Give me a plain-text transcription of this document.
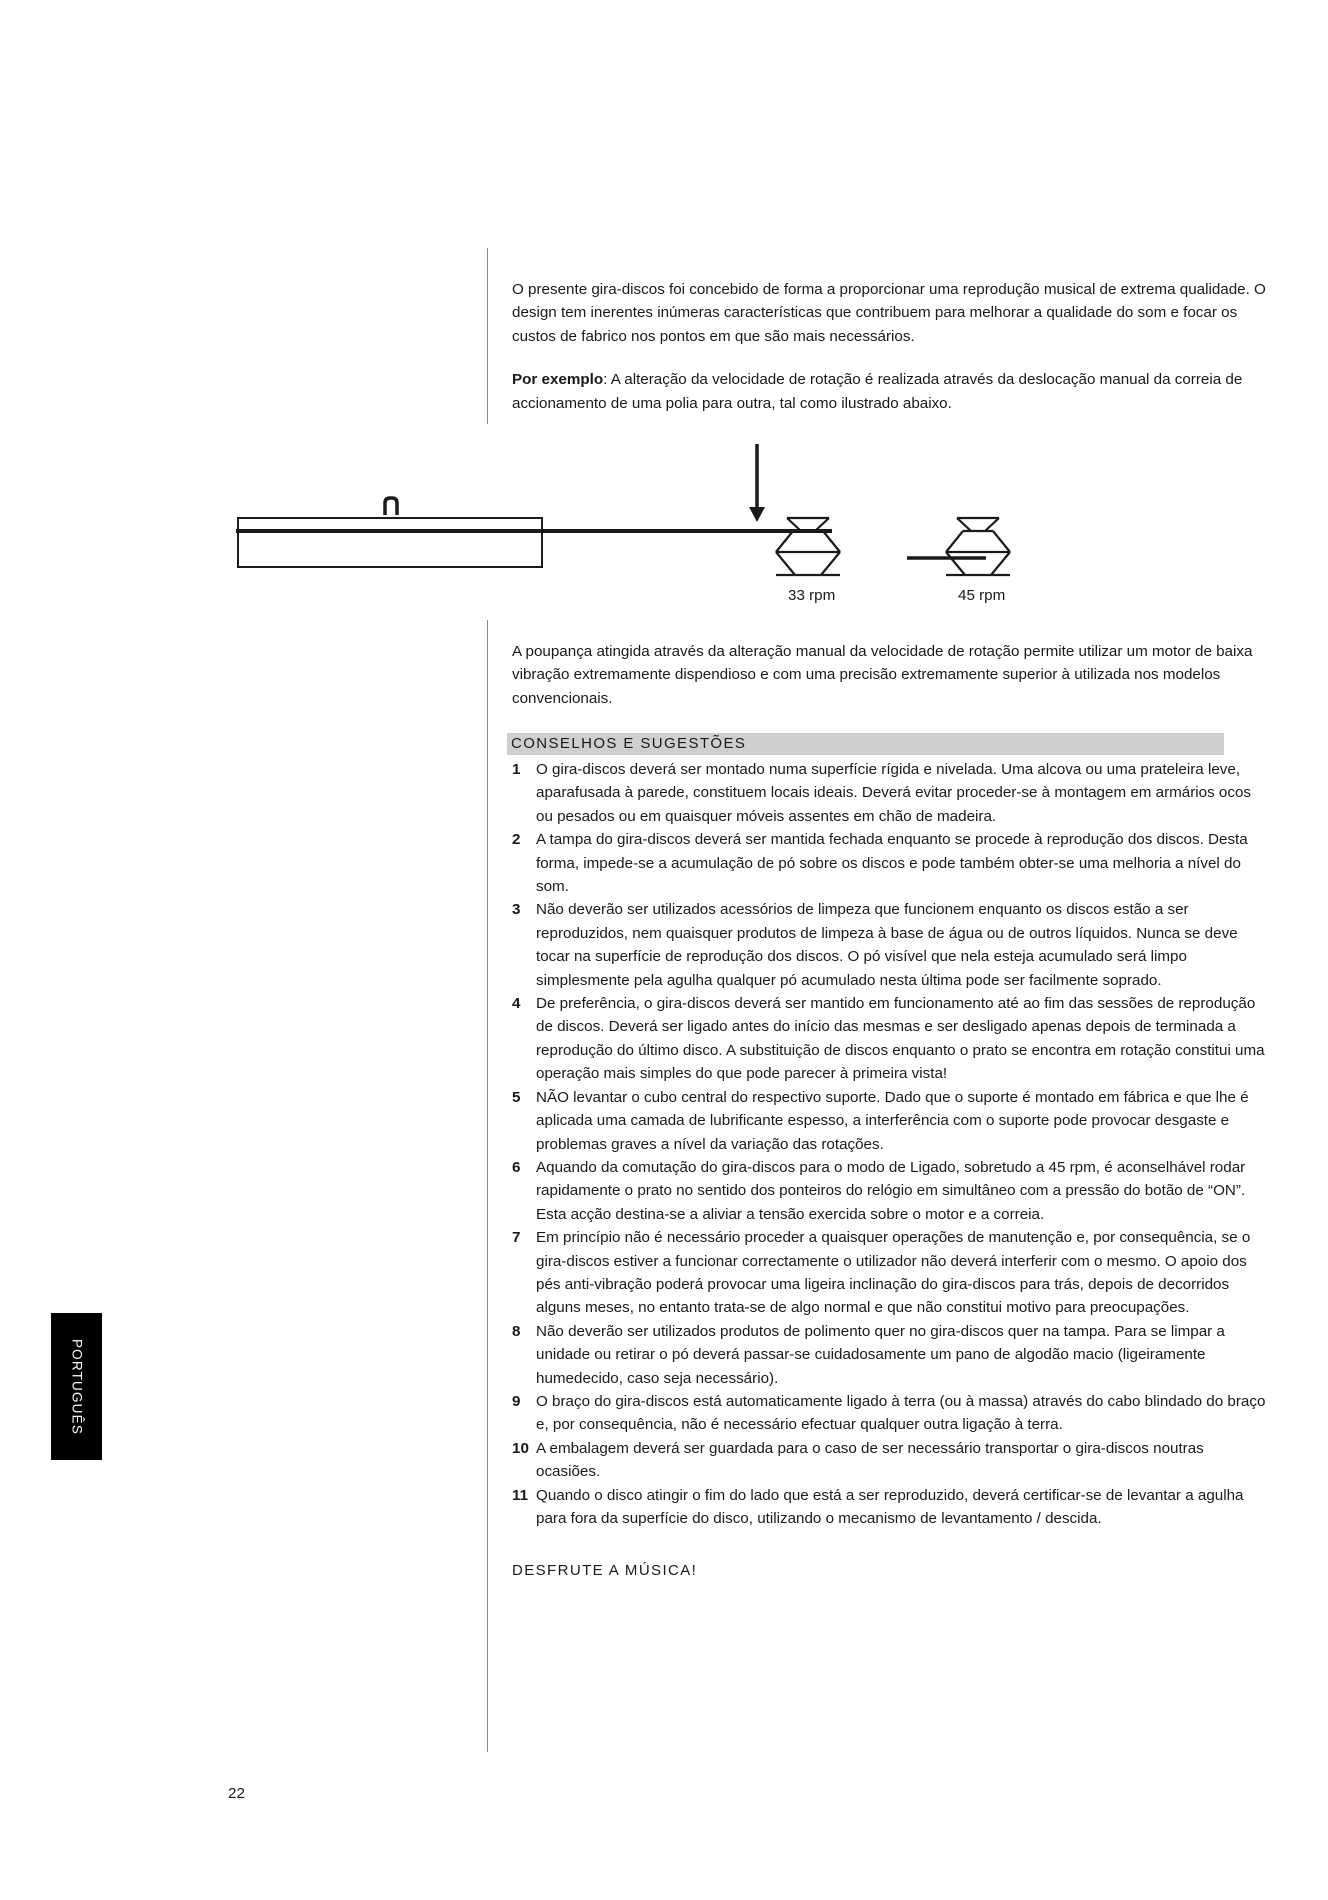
O presente gira-discos foi concebido de forma a proporcionar uma reprodução musical de extrema qualidade. O design tem inerentes inúmeras características que contribuem para melhorar a qualidade do som e focar os custos de fabrico nos pontos em que são mais necessários.

Por exemplo: A alteração da velocidade de rotação é realizada através da deslocação manual da correia de accionamento de uma polia para outra, tal como ilustrado abaixo.

33 rpm	45 rpm

A poupança atingida através da alteração manual da velocidade de rotação permite utilizar um motor de baixa vibração extremamente dispendioso e com uma precisão extremamente superior à utilizada nos modelos convencionais.

CONSELHOS E SUGESTÕES
1	O gira-discos deverá ser montado numa superfície rígida e nivelada. Uma alcova ou uma prateleira leve, aparafusada à parede, constituem locais ideais. Deverá evitar proceder-se à montagem em armários ocos ou pesados ou em quaisquer móveis assentes em chão de madeira.
2	A tampa do gira-discos deverá ser mantida fechada enquanto se procede à reprodução dos discos. Desta forma, impede-se a acumulação de pó sobre os discos e pode também obter-se uma melhoria a nível do som.
3	Não deverão ser utilizados acessórios de limpeza que funcionem enquanto os discos estão a ser reproduzidos, nem quaisquer produtos de limpeza à base de água ou de outros líquidos. Nunca se deve tocar na superfície de reprodução dos discos. O pó visível que nela esteja acumulado será limpo simplesmente pela agulha qualquer pó acumulado nesta última pode ser facilmente soprado.
4	De preferência, o gira-discos deverá ser mantido em funcionamento até ao fim das sessões de reprodução de discos. Deverá ser ligado antes do início das mesmas e ser desligado apenas depois de terminada a reprodução do último disco. A substituição de discos enquanto o prato se encontra em rotação constitui uma operação mais simples do que pode parecer à primeira vista!
5	NÃO levantar o cubo central do respectivo suporte. Dado que o suporte é montado em fábrica e que lhe é aplicada uma camada de lubrificante espesso, a interferência com o suporte pode provocar desgaste e problemas graves a nível da variação das rotações.
6	Aquando da comutação do gira-discos para o modo de Ligado, sobretudo a 45 rpm, é aconselhável rodar rapidamente o prato no sentido dos ponteiros do relógio em simultâneo com a pressão do botão de “ON”. Esta acção destina-se a aliviar a tensão exercida sobre o motor e a correia.
7	Em princípio não é necessário proceder a quaisquer operações de manutenção e, por consequência, se o gira-discos estiver a funcionar correctamente o utilizador não deverá interferir com o mesmo. O apoio dos pés anti-vibração poderá provocar uma ligeira inclinação do gira-discos para trás, depois de decorridos alguns meses, no entanto trata-se de algo normal e que não constitui motivo para preocupações.
8	Não deverão ser utilizados produtos de polimento quer no gira-discos quer na tampa. Para se limpar a unidade ou retirar o pó deverá passar-se cuidadosamente um pano de algodão macio (ligeiramente humedecido, caso seja necessário).
9	O braço do gira-discos está automaticamente ligado à terra (ou à massa) através do cabo blindado do braço e, por consequência, não é necessário efectuar qualquer outra ligação à terra.
10 A embalagem deverá ser guardada para o caso de ser necessário transportar o gira-discos noutras ocasiões.
11 Quando o disco atingir o fim do lado que está a ser reproduzido, deverá certificar-se de levantar a agulha para fora da superfície do disco, utilizando o mecanismo de levantamento / descida.
DESFRUTE A MÚSICA!
PORTUGUÊS
22
